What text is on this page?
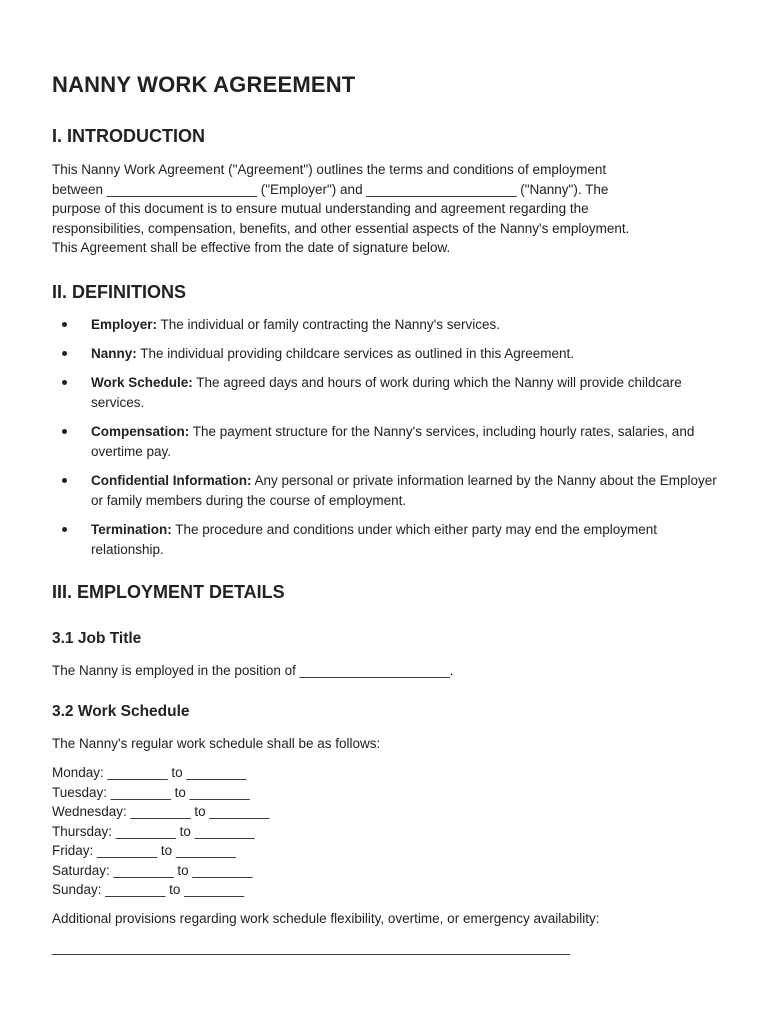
NANNY WORK AGREEMENT
I. INTRODUCTION

This Nanny Work Agreement ("Agreement") outlines the terms and conditions of employment
between ____________________ ("Employer") and ____________________ ("Nanny"). The
purpose of this document is to ensure mutual understanding and agreement regarding the
responsibilities, compensation, benefits, and other essential aspects of the Nanny's employment.
This Agreement shall be effective from the date of signature below.

II. DEFINITIONS
Employer: The individual or family contracting the Nanny's services.
Nanny: The individual providing childcare services as outlined in this Agreement.
Work Schedule: The agreed days and hours of work during which the Nanny will provide childcare services.
Compensation: The payment structure for the Nanny's services, including hourly rates, salaries, and overtime pay.
Confidential Information: Any personal or private information learned by the Nanny about the Employer or family members during the course of employment.
Termination: The procedure and conditions under which either party may end the employment relationship.
III. EMPLOYMENT DETAILS
3.1 Job Title

The Nanny is employed in the position of ____________________.

3.2 Work Schedule

The Nanny's regular work schedule shall be as follows:

Monday: ________ to ________
Tuesday: ________ to ________
Wednesday: ________ to ________
Thursday: ________ to ________
Friday: ________ to ________
Saturday: ________ to ________
Sunday: ________ to ________

Additional provisions regarding work schedule flexibility, overtime, or emergency availability:

_____________________________________________________________________
